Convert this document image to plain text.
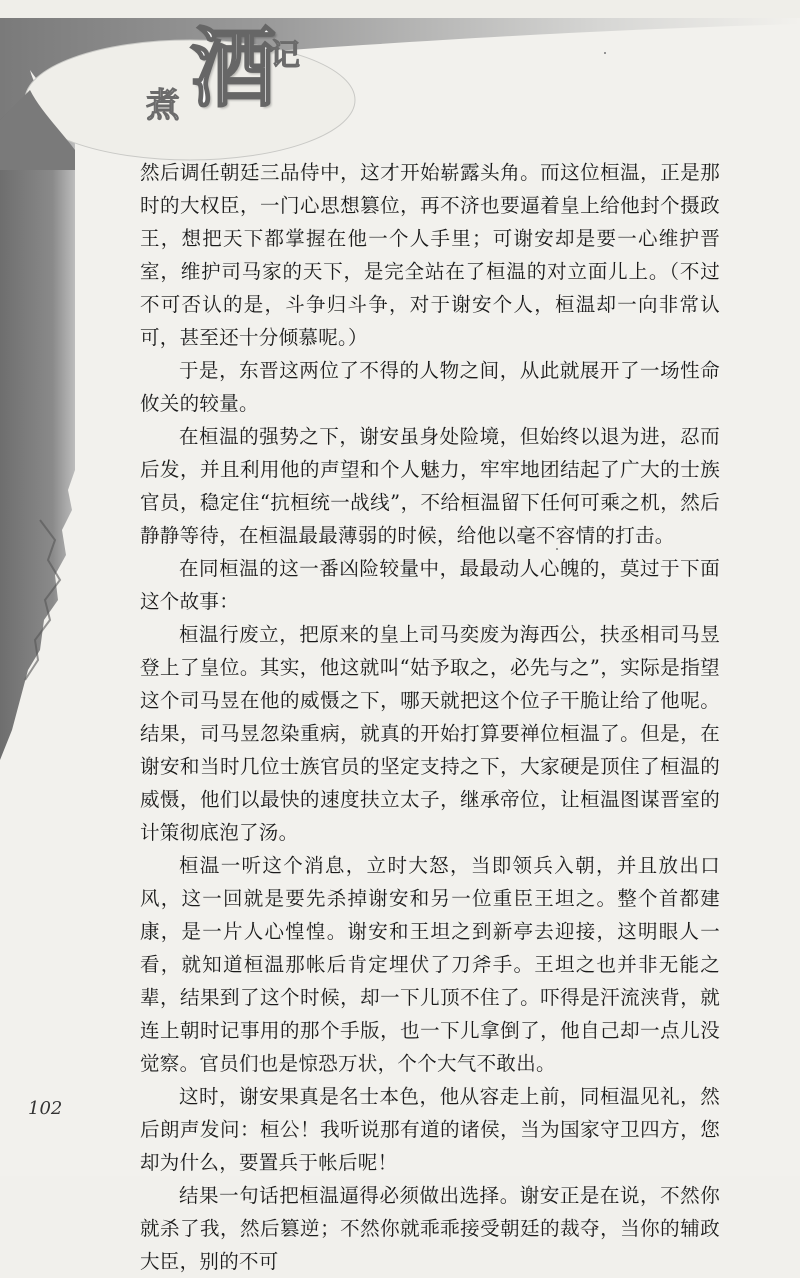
煮 酒
记

然后调任朝廷三品侍中，这才开始崭露头角。而这位桓温，正是那时的大权臣，一门心思想篡位，再不济也要逼着皇上给他封个摄政王，想把天下都掌握在他一个人手里；可谢安却是要一心维护晋室，维护司马家的天下，是完全站在了桓温的对立面儿上。（不过不可否认的是，斗争归斗争，对于谢安个人，桓温却一向非常认可，甚至还十分倾慕呢。）

于是，东晋这两位了不得的人物之间，从此就展开了一场性命攸关的较量。

在桓温的强势之下，谢安虽身处险境，但始终以退为进，忍而后发，并且利用他的声望和个人魅力，牢牢地团结起了广大的士族官员，稳定住“抗桓统一战线”，不给桓温留下任何可乘之机，然后静静等待，在桓温最最薄弱的时候，给他以毫不容情的打击。

在同桓温的这一番凶险较量中，最最动人心魄的，莫过于下面这个故事：

桓温行废立，把原来的皇上司马奕废为海西公，扶丞相司马昱登上了皇位。其实，他这就叫“姑予取之，必先与之”，实际是指望这个司马昱在他的威慑之下，哪天就把这个位子干脆让给了他呢。结果，司马昱忽染重病，就真的开始打算要禅位桓温了。但是，在谢安和当时几位士族官员的坚定支持之下，大家硬是顶住了桓温的威慑，他们以最快的速度扶立太子，继承帝位，让桓温图谋晋室的计策彻底泡了汤。

桓温一听这个消息，立时大怒，当即领兵入朝，并且放出口风，这一回就是要先杀掉谢安和另一位重臣王坦之。整个首都建康，是一片人心惶惶。谢安和王坦之到新亭去迎接，这明眼人一看，就知道桓温那帐后肯定埋伏了刀斧手。王坦之也并非无能之辈，结果到了这个时候，却一下儿顶不住了。吓得是汗流浃背，就连上朝时记事用的那个手版，也一下儿拿倒了，他自己却一点儿没觉察。官员们也是惊恐万状，个个大气不敢出。

这时，谢安果真是名士本色，他从容走上前，同桓温见礼，然后朗声发问：桓公！我听说那有道的诸侯，当为国家守卫四方，您却为什么，要置兵于帐后呢！

结果一句话把桓温逼得必须做出选择。谢安正是在说，不然你就杀了我，然后篡逆；不然你就乖乖接受朝廷的裁夺，当你的辅政大臣，别的不可

102
